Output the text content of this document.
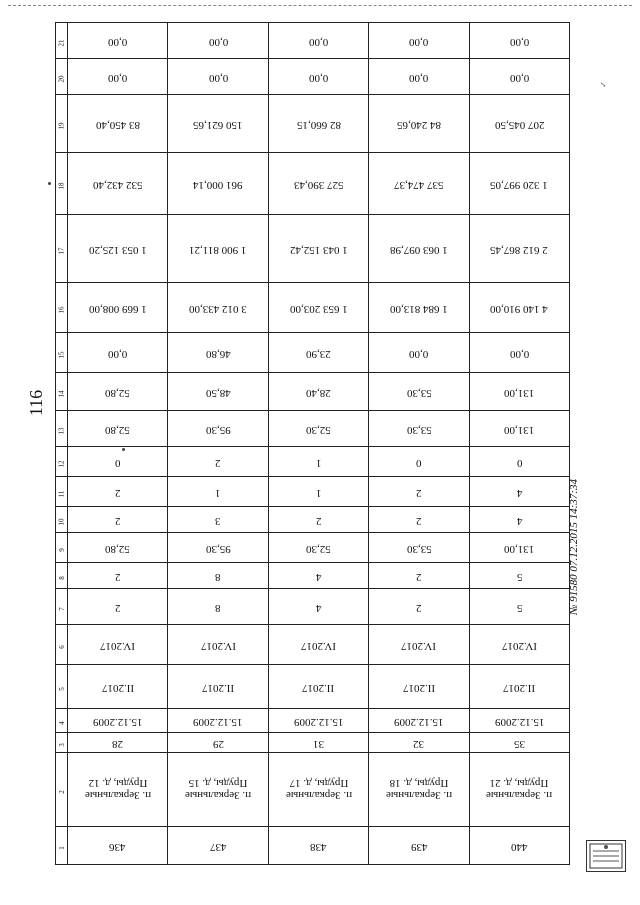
116
21	0,00	0,00	0,00	0,00	0,00
20	0,00	0,00	0,00	0,00	0,00
19	83 450,40	150 621,65	82 660,15	84 240,65	207 045,50
18	532 432,40	961 000,14	527 390,43	537 474,37	1 320 997,05
17	1 053 125,20	1 900 811,21	1 043 152,42	1 063 097,98	2 612 867,45
16	1 669 008,00	3 012 433,00	1 653 203,00	1 684 813,00	4 140 910,00
15	0,00	46,80	23,90	0,00	0,00
14	52,80	48,50	28,40	53,30	131,00
13	52,80	95,30	52,30	53,30	131,00
12	0	2	1	0	0
11	2	1	1	2	4
10	2	3	2	2	4
9	52,80	95,30	52,30	53,30	131,00
8	2	8	4	2	5
7	2	8	4	2	5
6	IV.2017	IV.2017	IV.2017	IV.2017	IV.2017
5	II.2017	II.2017	II.2017	II.2017	II.2017
4	15.12.2009	15.12.2009	15.12.2009	15.12.2009	15.12.2009
3	28	29	31	32	35
2	п. Зеркальные Пруды, д. 12	п. Зеркальные Пруды, д. 15	п. Зеркальные Пруды, д. 17	п. Зеркальные Пруды, д. 18	п. Зеркальные Пруды, д. 21
1	436	437	438	439	440
№ 91580 07.12.2015 14:37:34
✓
